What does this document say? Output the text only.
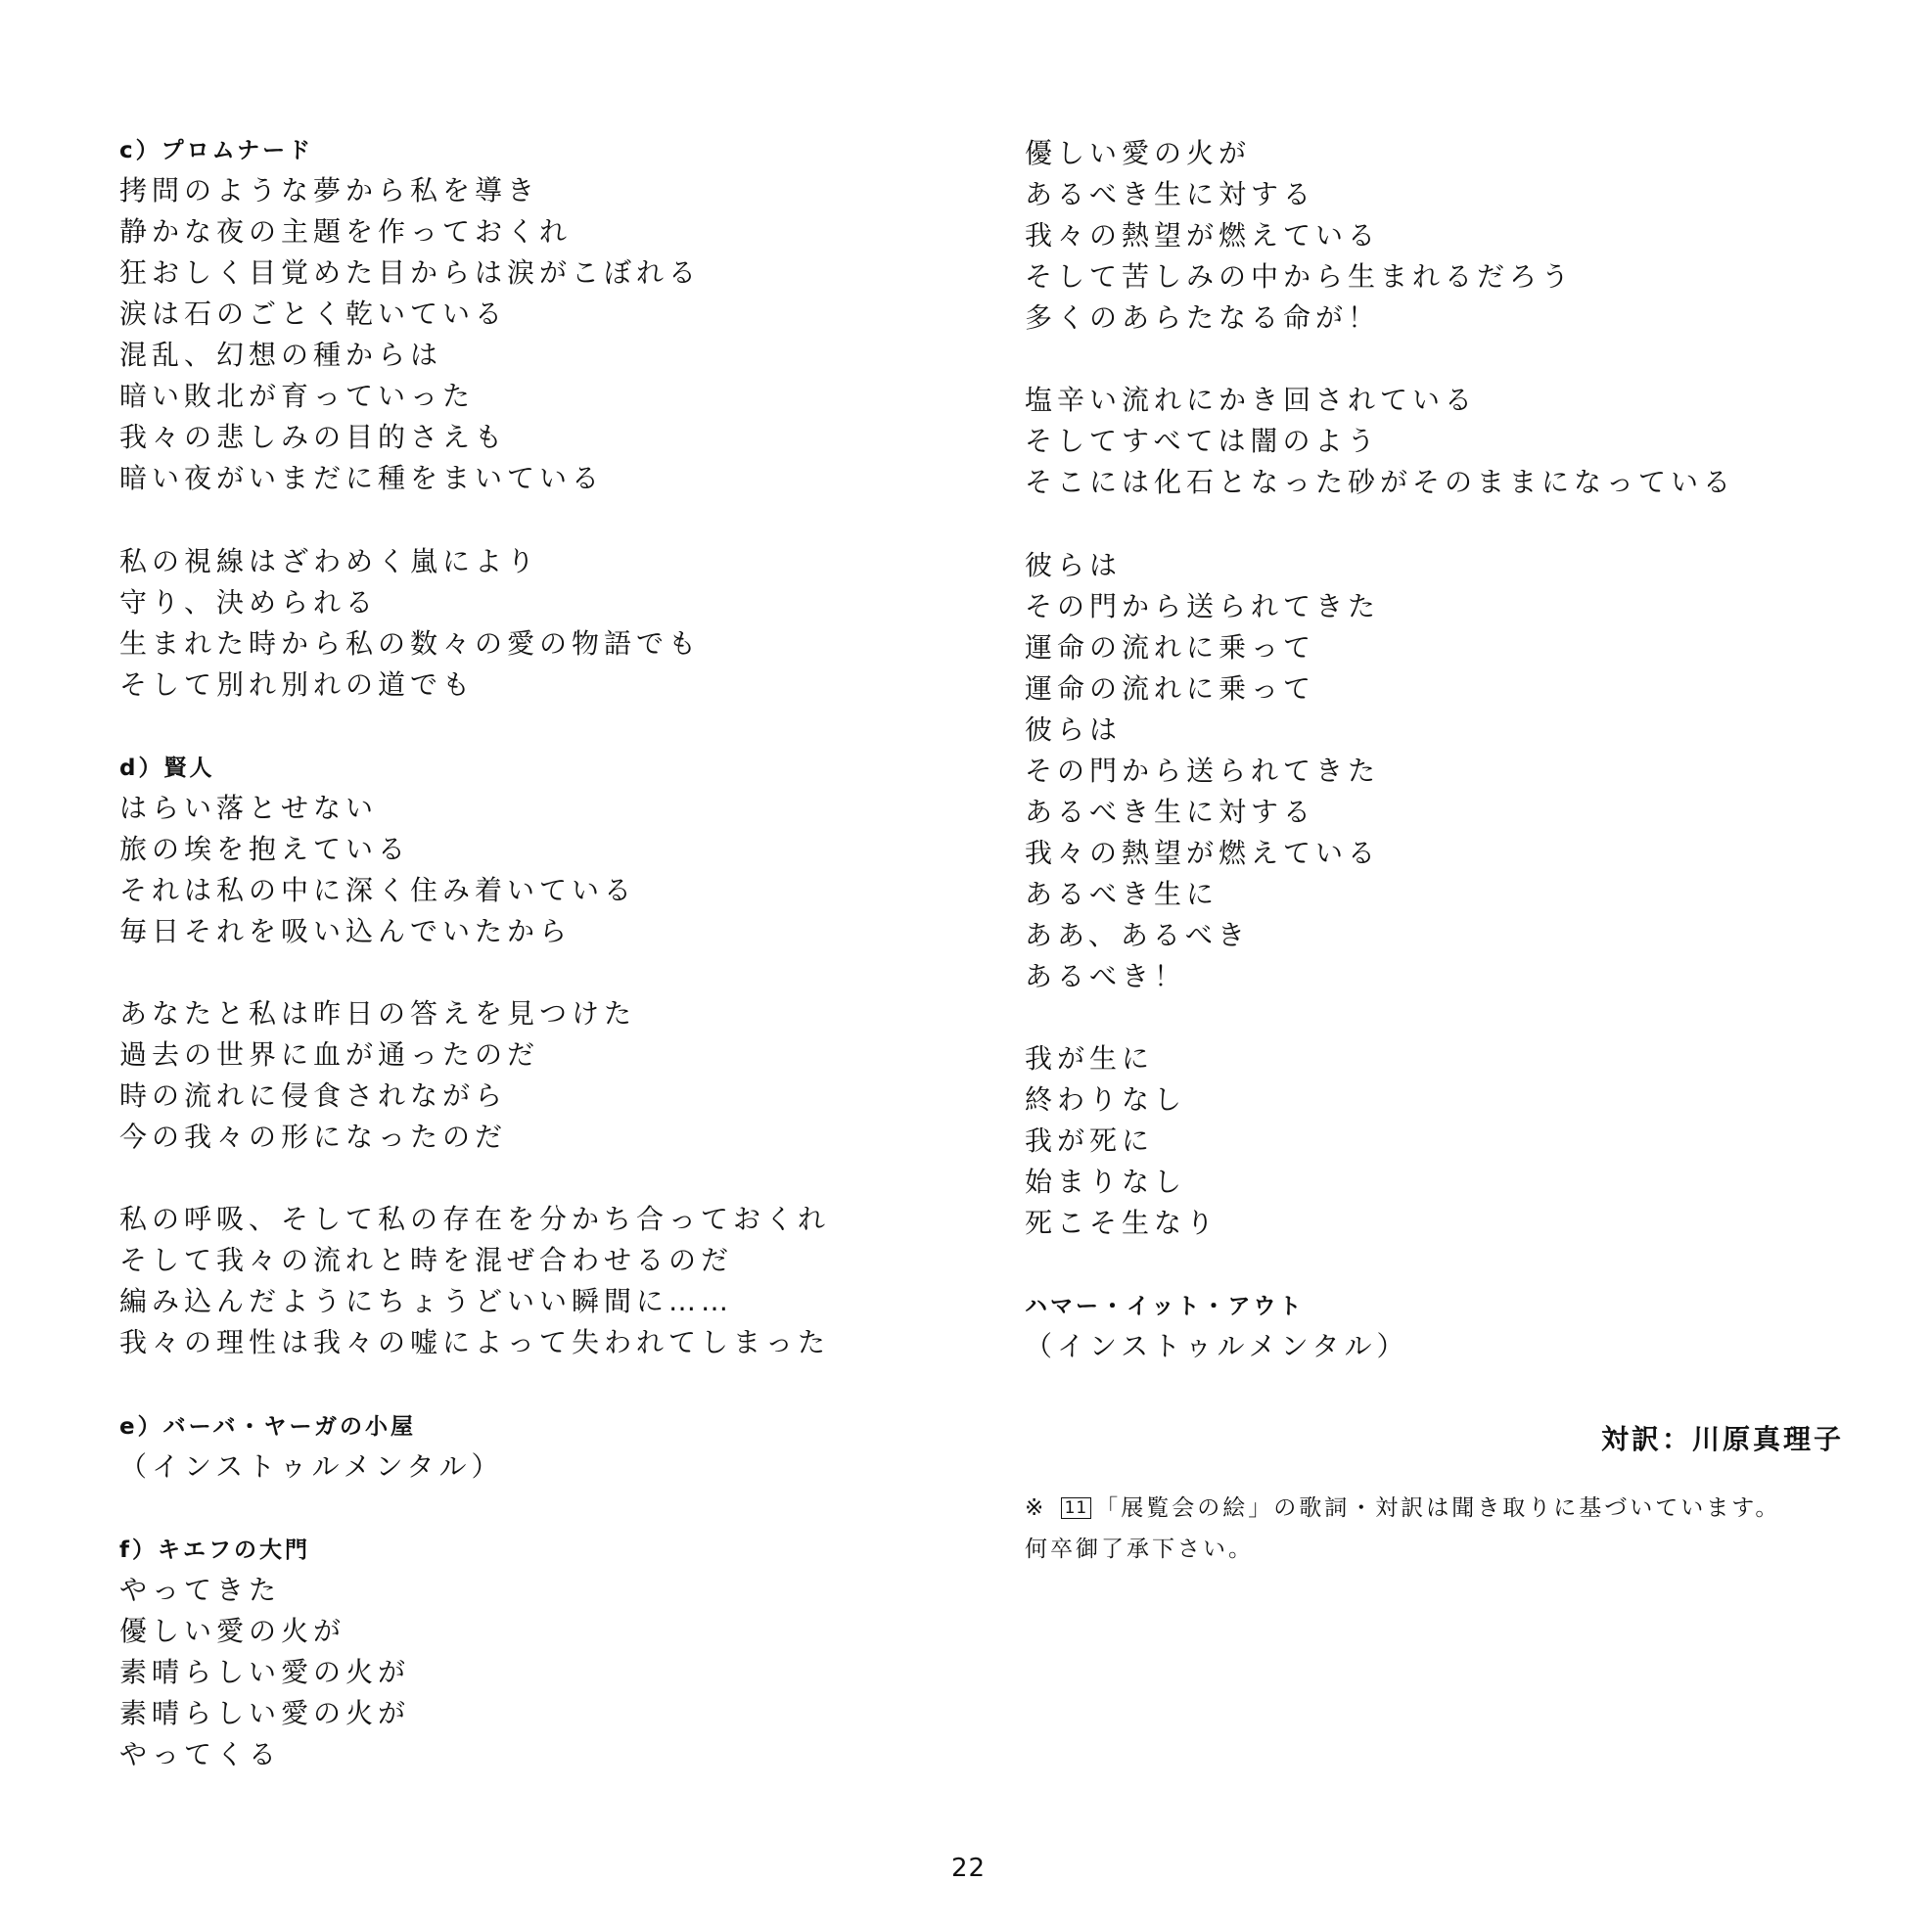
c）プロムナード
拷問のような夢から私を導き
静かな夜の主題を作っておくれ
狂おしく目覚めた目からは涙がこぼれる
涙は石のごとく乾いている
混乱、幻想の種からは
暗い敗北が育っていった
我々の悲しみの目的さえも
暗い夜がいまだに種をまいている
私の視線はざわめく嵐により
守り、決められる
生まれた時から私の数々の愛の物語でも
そして別れ別れの道でも
d）賢人
はらい落とせない
旅の埃を抱えている
それは私の中に深く住み着いている
毎日それを吸い込んでいたから
あなたと私は昨日の答えを見つけた
過去の世界に血が通ったのだ
時の流れに侵食されながら
今の我々の形になったのだ
私の呼吸、そして私の存在を分かち合っておくれ
そして我々の流れと時を混ぜ合わせるのだ
編み込んだようにちょうどいい瞬間に……
我々の理性は我々の嘘によって失われてしまった
e）バーバ・ヤーガの小屋
（インストゥルメンタル）
f）キエフの大門
やってきた
優しい愛の火が
素晴らしい愛の火が
素晴らしい愛の火が
やってくる
優しい愛の火が
あるべき生に対する
我々の熱望が燃えている
そして苦しみの中から生まれるだろう
多くのあらたなる命が！
塩辛い流れにかき回されている
そしてすべては闇のよう
そこには化石となった砂がそのままになっている
彼らは
その門から送られてきた
運命の流れに乗って
運命の流れに乗って
彼らは
その門から送られてきた
あるべき生に対する
我々の熱望が燃えている
あるべき生に
ああ、あるべき
あるべき！
我が生に
終わりなし
我が死に
始まりなし
死こそ生なり
ハマー・イット・アウト
（インストゥルメンタル）
対訳：川原真理子
※ 11 「展覧会の絵」の歌詞・対訳は聞き取りに基づいています。
何卒御了承下さい。
22
